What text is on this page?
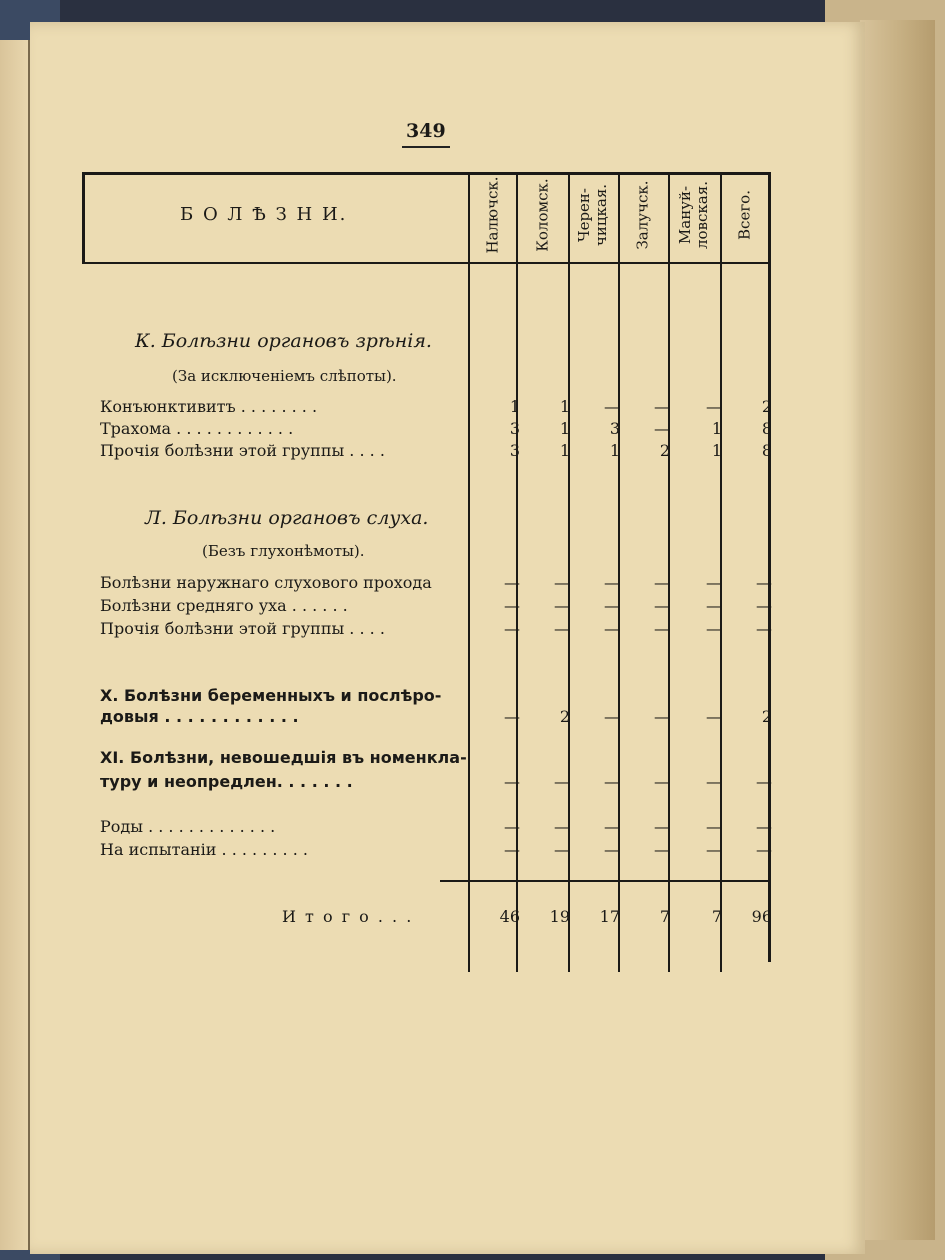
349
Б О Л Ѣ З Н И.	Налючск. Коломск. Черен-
чицкая. Залучск. Мануй-
ловская. Всего.
К. Болѣзни органовъ зрѣнія.
(За исключеніемъ слѣпоты).
Конъюнктивитъ . . . . . . . .	1	1	—	—	—	2
Трахома . . . . . . . . . . . .	3	1	3	—	1	8
Прочія болѣзни этой группы . . . .	3	1	1	2	1	8
Л. Болѣзни органовъ слуха.
(Безъ глухонѣмоты).
Болѣзни наружнаго слухового прохода	—	—	—	—	—	—
Болѣзни средняго уха . . . . . .	—	—	—	—	—	—
Прочія болѣзни этой группы . . . .	—	—	—	—	—	—
X. Болѣзни беременныхъ и послѣро-
довыя . . . . . . . . . . . .	—	2	—	—	—	2
XI. Болѣзни, невошедшія въ номенкла-
туру и неопредлен. . . . . . .	—	—	—	—	—	—
Роды . . . . . . . . . . . . .	—	—	—	—	—	—
На испытаніи . . . . . . . . .	—	—	—	—	—	—
И т о г о . . .	46	19	17	7	7	96
